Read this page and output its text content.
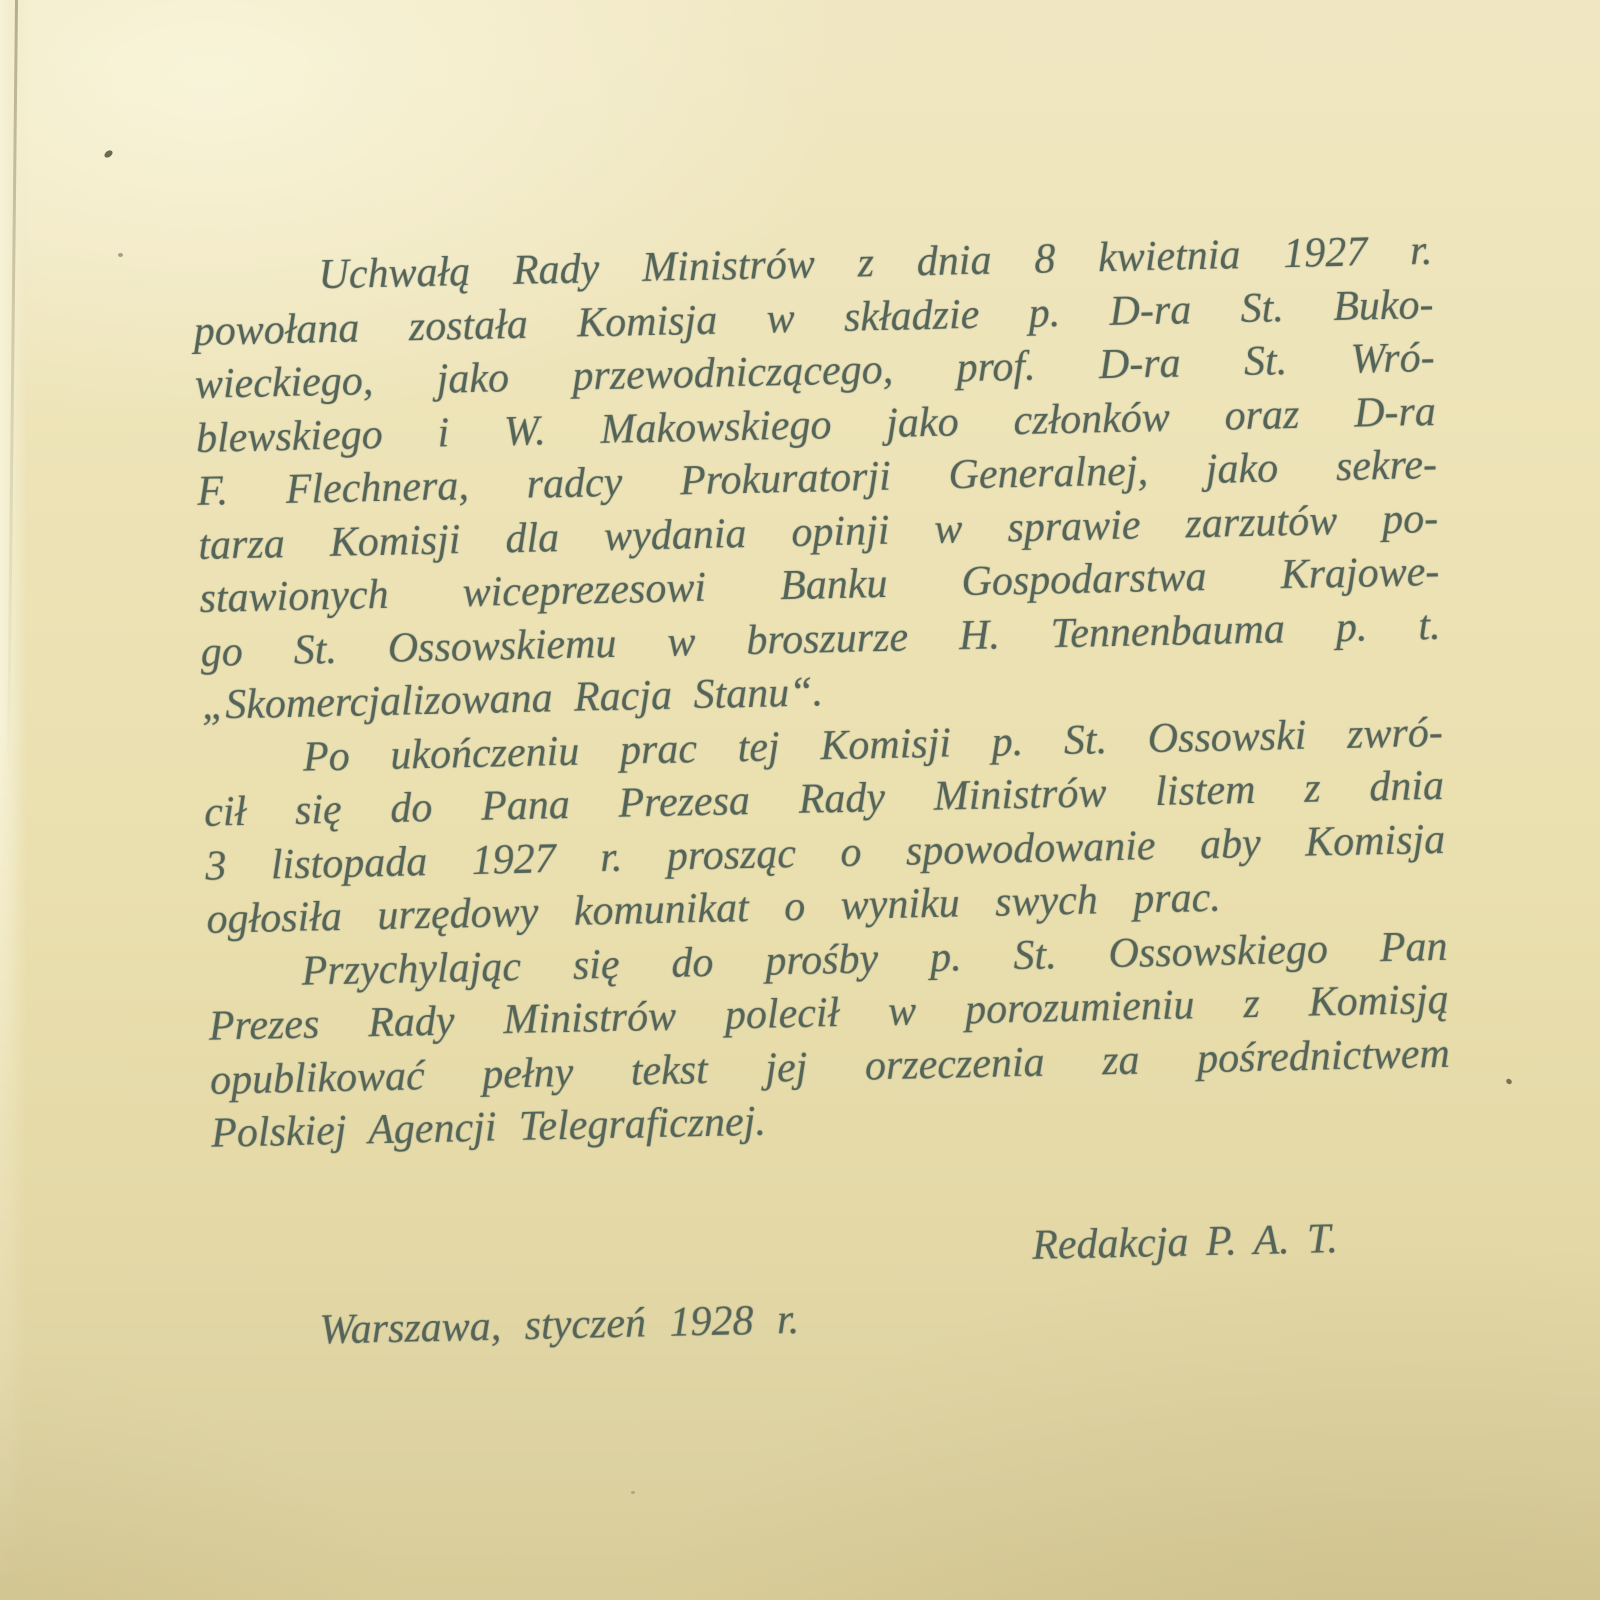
Uchwałą Rady Ministrów z dnia 8 kwietnia 1927 r.
powołana została Komisja w składzie p. D-ra St. Buko-
wieckiego, jako przewodniczącego, prof. D-ra St. Wró-
blewskiego i W. Makowskiego jako członków oraz D-ra
F. Flechnera, radcy Prokuratorji Generalnej, jako sekre-
tarza Komisji dla wydania opinji w sprawie zarzutów po-
stawionych wiceprezesowi Banku Gospodarstwa Krajowe-
go St. Ossowskiemu w broszurze H. Tennenbauma p. t.
„Skomercjalizowana Racja Stanu“.
Po ukończeniu prac tej Komisji p. St. Ossowski zwró-
cił się do Pana Prezesa Rady Ministrów listem z dnia
3 listopada 1927 r. prosząc o spowodowanie aby Komisja
ogłosiła urzędowy komunikat o wyniku swych prac.
Przychylając się do prośby p. St. Ossowskiego Pan
Prezes Rady Ministrów polecił w porozumieniu z Komisją
opublikować pełny tekst jej orzeczenia za pośrednictwem
Polskiej Agencji Telegraficznej.
Redakcja P. A. T.
Warszawa, styczeń 1928 r.
